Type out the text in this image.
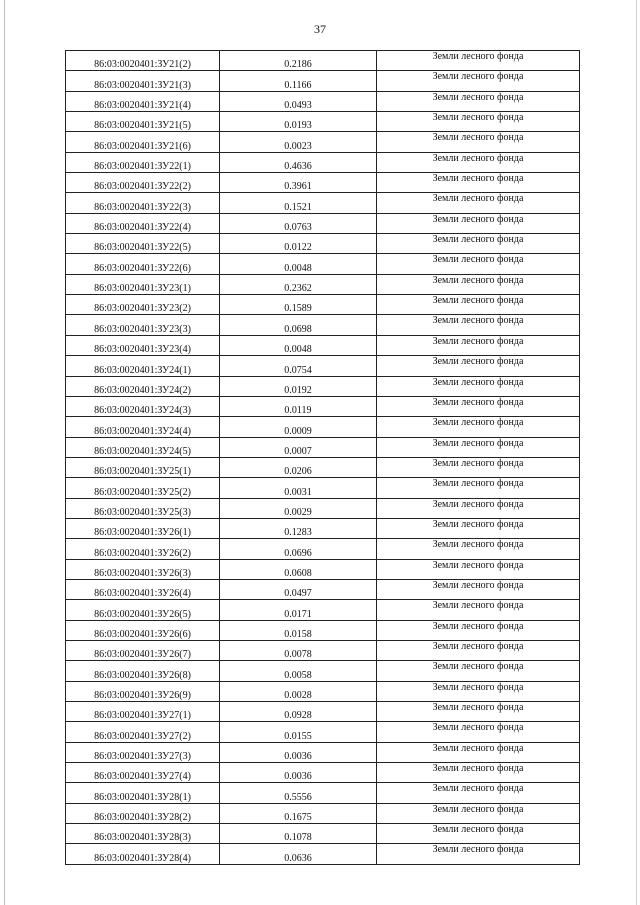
37
86:03:0020401:ЗУ21(2)	0.2186	Земли лесного фонда
86:03:0020401:ЗУ21(3)	0.1166	Земли лесного фонда
86:03:0020401:ЗУ21(4)	0.0493	Земли лесного фонда
86:03:0020401:ЗУ21(5)	0.0193	Земли лесного фонда
86:03:0020401:ЗУ21(6)	0.0023	Земли лесного фонда
86:03:0020401:ЗУ22(1)	0.4636	Земли лесного фонда
86:03:0020401:ЗУ22(2)	0.3961	Земли лесного фонда
86:03:0020401:ЗУ22(3)	0.1521	Земли лесного фонда
86:03:0020401:ЗУ22(4)	0.0763	Земли лесного фонда
86:03:0020401:ЗУ22(5)	0.0122	Земли лесного фонда
86:03:0020401:ЗУ22(6)	0.0048	Земли лесного фонда
86:03:0020401:ЗУ23(1)	0.2362	Земли лесного фонда
86:03:0020401:ЗУ23(2)	0.1589	Земли лесного фонда
86:03:0020401:ЗУ23(3)	0.0698	Земли лесного фонда
86:03:0020401:ЗУ23(4)	0.0048	Земли лесного фонда
86:03:0020401:ЗУ24(1)	0.0754	Земли лесного фонда
86:03:0020401:ЗУ24(2)	0.0192	Земли лесного фонда
86:03:0020401:ЗУ24(3)	0.0119	Земли лесного фонда
86:03:0020401:ЗУ24(4)	0.0009	Земли лесного фонда
86:03:0020401:ЗУ24(5)	0.0007	Земли лесного фонда
86:03:0020401:ЗУ25(1)	0.0206	Земли лесного фонда
86:03:0020401:ЗУ25(2)	0.0031	Земли лесного фонда
86:03:0020401:ЗУ25(3)	0.0029	Земли лесного фонда
86:03:0020401:ЗУ26(1)	0.1283	Земли лесного фонда
86:03:0020401:ЗУ26(2)	0.0696	Земли лесного фонда
86:03:0020401:ЗУ26(3)	0.0608	Земли лесного фонда
86:03:0020401:ЗУ26(4)	0.0497	Земли лесного фонда
86:03:0020401:ЗУ26(5)	0.0171	Земли лесного фонда
86:03:0020401:ЗУ26(6)	0.0158	Земли лесного фонда
86:03:0020401:ЗУ26(7)	0.0078	Земли лесного фонда
86:03:0020401:ЗУ26(8)	0.0058	Земли лесного фонда
86:03:0020401:ЗУ26(9)	0.0028	Земли лесного фонда
86:03:0020401:ЗУ27(1)	0.0928	Земли лесного фонда
86:03:0020401:ЗУ27(2)	0.0155	Земли лесного фонда
86:03:0020401:ЗУ27(3)	0.0036	Земли лесного фонда
86:03:0020401:ЗУ27(4)	0.0036	Земли лесного фонда
86:03:0020401:ЗУ28(1)	0.5556	Земли лесного фонда
86:03:0020401:ЗУ28(2)	0.1675	Земли лесного фонда
86:03:0020401:ЗУ28(3)	0.1078	Земли лесного фонда
86:03:0020401:ЗУ28(4)	0.0636	Земли лесного фонда
